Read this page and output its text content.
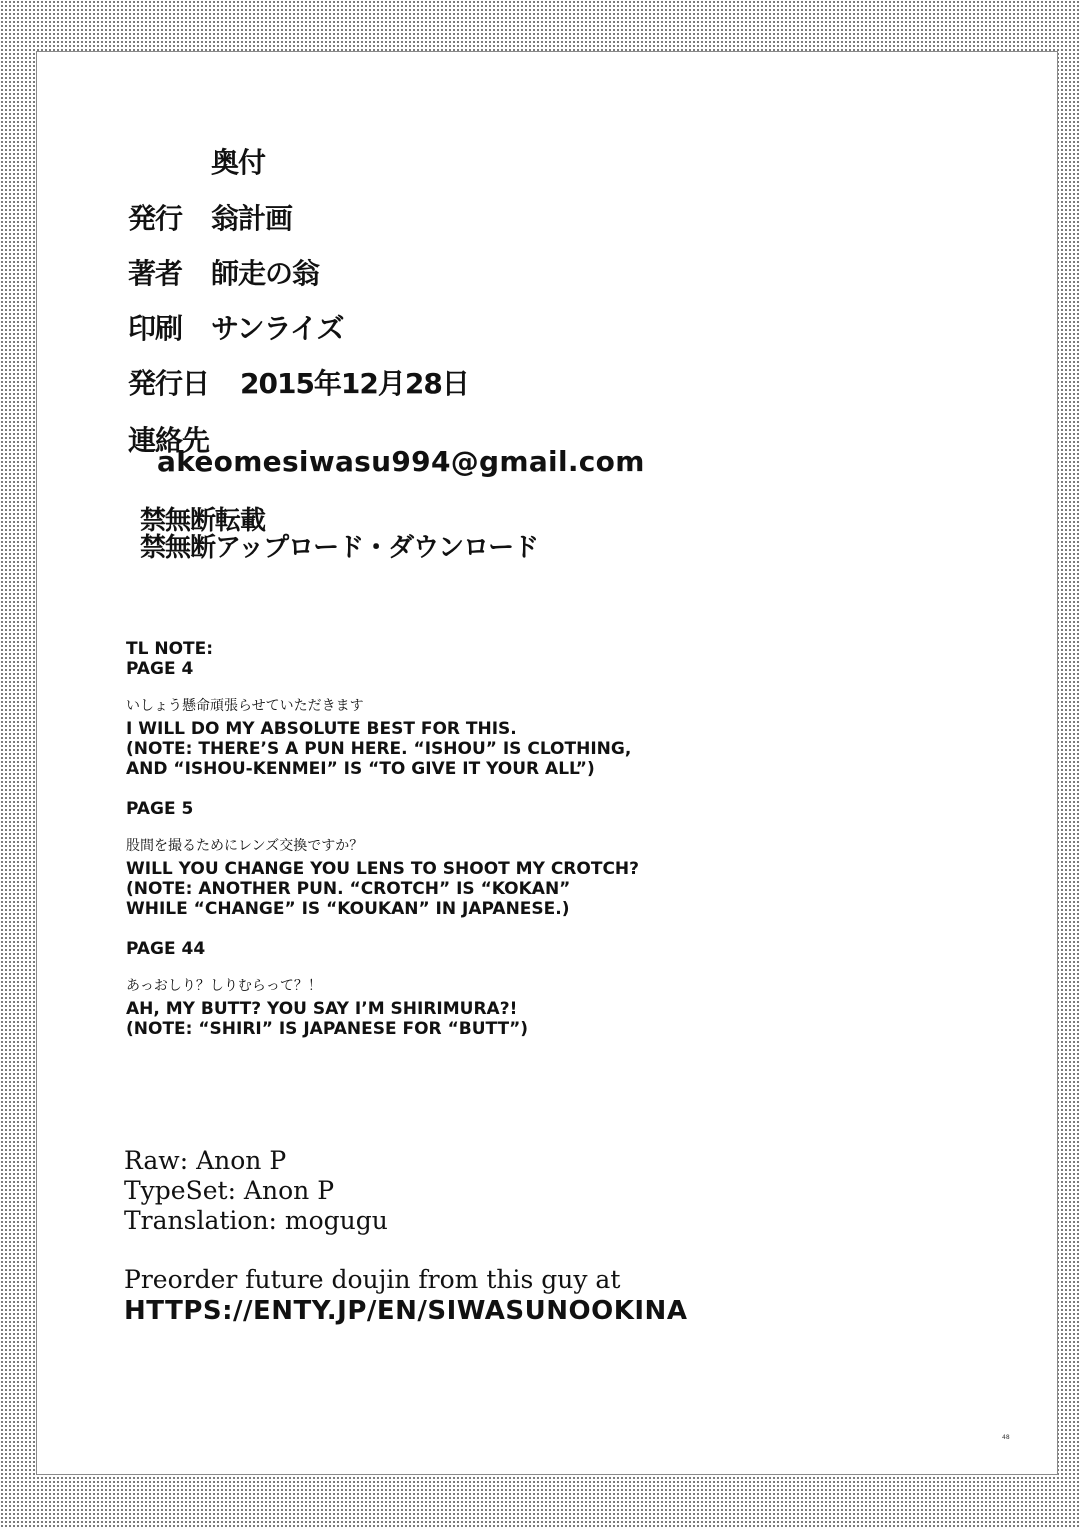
奥付
発行 翁計画
著者 師走の翁
印刷 サンライズ
発行日 2015年12月28日
連絡先
akeomesiwasu994@gmail.com
禁無断転載
禁無断アップロード・ダウンロード
TL NOTE:
PAGE 4
いしょう懸命頑張らせていただきます
I WILL DO MY ABSOLUTE BEST FOR THIS.
(NOTE: THERE’S A PUN HERE. “ISHOU” IS CLOTHING,
AND “ISHOU-KENMEI” IS “TO GIVE IT YOUR ALL”)
PAGE 5
股間を撮るためにレンズ交換ですか？
WILL YOU CHANGE YOU LENS TO SHOOT MY CROTCH?
(NOTE: ANOTHER PUN. “CROTCH” IS “KOKAN”
WHILE “CHANGE” IS “KOUKAN” IN JAPANESE.)
PAGE 44
あっおしり？しりむらって？！
AH, MY BUTT? YOU SAY I’M SHIRIMURA?!
(NOTE: “SHIRI” IS JAPANESE FOR “BUTT”)
Raw: Anon P
TypeSet: Anon P
Translation: mogugu
Preorder future doujin from this guy at
HTTPS://ENTY.JP/EN/SIWASUNOOKINA
48
